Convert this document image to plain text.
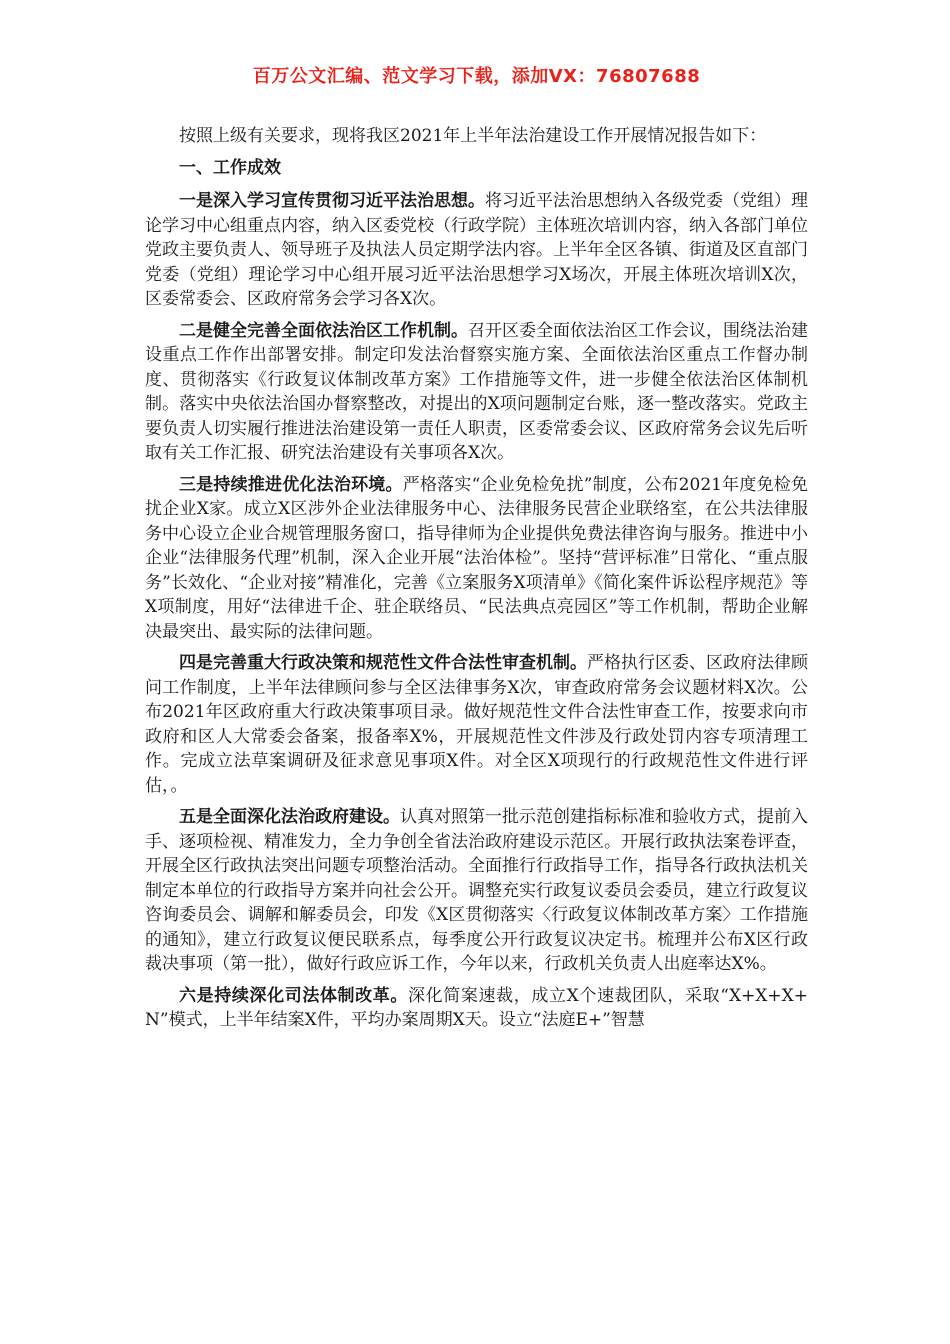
百万公文汇编、范文学习下载，添加VX：76807688

按照上级有关要求，现将我区2021年上半年法治建设工作开展情况报告如下：

一、工作成效

一是深入学习宣传贯彻习近平法治思想。将习近平法治思想纳入各级党委（党组）理论学习中心组重点内容，纳入区委党校（行政学院）主体班次培训内容，纳入各部门单位党政主要负责人、领导班子及执法人员定期学法内容。上半年全区各镇、街道及区直部门党委（党组）理论学习中心组开展习近平法治思想学习X场次，开展主体班次培训X次，区委常委会、区政府常务会学习各X次。

二是健全完善全面依法治区工作机制。召开区委全面依法治区工作会议，围绕法治建设重点工作作出部署安排。制定印发法治督察实施方案、全面依法治区重点工作督办制度、贯彻落实《行政复议体制改革方案》工作措施等文件，进一步健全依法治区体制机制。落实中央依法治国办督察整改，对提出的X项问题制定台账，逐一整改落实。党政主要负责人切实履行推进法治建设第一责任人职责，区委常委会议、区政府常务会议先后听取有关工作汇报、研究法治建设有关事项各X次。

三是持续推进优化法治环境。严格落实“企业免检免扰”制度，公布2021年度免检免扰企业X家。成立X区涉外企业法律服务中心、法律服务民营企业联络室，在公共法律服务中心设立企业合规管理服务窗口，指导律师为企业提供免费法律咨询与服务。推进中小企业“法律服务代理”机制，深入企业开展“法治体检”。坚持“营评标准”日常化、“重点服务”长效化、“企业对接”精准化，完善《立案服务X项清单》《简化案件诉讼程序规范》等X项制度，用好“法律进千企、驻企联络员、“民法典点亮园区”等工作机制，帮助企业解决最突出、最实际的法律问题。

四是完善重大行政决策和规范性文件合法性审查机制。严格执行区委、区政府法律顾问工作制度，上半年法律顾问参与全区法律事务X次，审查政府常务会议题材料X次。公布2021年区政府重大行政决策事项目录。做好规范性文件合法性审查工作，按要求向市政府和区人大常委会备案，报备率X%，开展规范性文件涉及行政处罚内容专项清理工作。完成立法草案调研及征求意见事项X件。对全区X项现行的行政规范性文件进行评估，。

五是全面深化法治政府建设。认真对照第一批示范创建指标标准和验收方式，提前入手、逐项检视、精准发力，全力争创全省法治政府建设示范区。开展行政执法案卷评查，开展全区行政执法突出问题专项整治活动。全面推行行政指导工作，指导各行政执法机关制定本单位的行政指导方案并向社会公开。调整充实行政复议委员会委员，建立行政复议咨询委员会、调解和解委员会，印发《X区贯彻落实〈行政复议体制改革方案〉工作措施的通知》，建立行政复议便民联系点，每季度公开行政复议决定书。梳理并公布X区行政裁决事项（第一批），做好行政应诉工作，今年以来，行政机关负责人出庭率达X%。

六是持续深化司法体制改革。深化简案速裁，成立X个速裁团队，采取“X+X+X+N”模式，上半年结案X件，平均办案周期X天。设立“法庭E+”智慧
